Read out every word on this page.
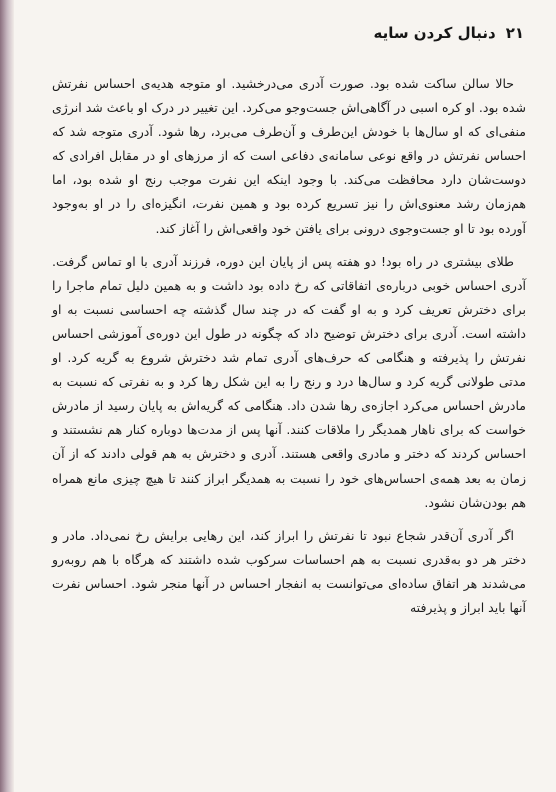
۲۱
دنبال کردن سایه

حالا سالن ساکت شده بود. صورت آدری می‌درخشید. او متوجه هدیه‌ی احساس نفرتش شده بود. او کره اسبی در آگاهی‌اش جست‌وجو می‌کرد. این تغییر در درک او باعث شد انرژی منفی‌ای که او سال‌ها با خودش این‌طرف و آن‌طرف می‌برد، رها شود. آدری متوجه شد که احساس نفرتش در واقع نوعی سامانه‌ی دفاعی است که از مرزهای او در مقابل افرادی که دوست‌شان دارد محافظت می‌کند. با وجود اینکه این نفرت موجب رنج او شده بود، اما هم‌زمان رشد معنوی‌اش را نیز تسریع کرده بود و همین نفرت، انگیزه‌ای را در او به‌وجود آورده بود تا او جست‌وجوی درونی برای یافتن خود واقعی‌اش را آغاز کند.

طلای بیشتری در راه بود! دو هفته پس از پایان این دوره، فرزند آدری با او تماس گرفت. آدری احساس خوبی درباره‌ی اتفاقاتی که رخ داده بود داشت و به همین دلیل تمام ماجرا را برای دخترش تعریف کرد و به او گفت که در چند سال گذشته چه احساسی نسبت به او داشته است. آدری برای دخترش توضیح داد که چگونه در طول این دوره‌ی آموزشی احساس نفرتش را پذیرفته و هنگامی که حرف‌های آدری تمام شد دخترش شروع به گریه کرد. او مدتی طولانی گریه کرد و سال‌ها درد و رنج را به این شکل رها کرد و به نفرتی که نسبت به مادرش احساس می‌کرد اجازه‌ی رها شدن داد. هنگامی که گریه‌اش به پایان رسید از مادرش خواست که برای ناهار همدیگر را ملاقات کنند. آنها پس از مدت‌ها دوباره کنار هم نشستند و احساس کردند که دختر و مادری واقعی هستند. آدری و دخترش به هم قولی دادند که از آن زمان به بعد همه‌ی احساس‌های خود را نسبت به همدیگر ابراز کنند تا هیچ چیزی مانع همراه هم بودن‌شان نشود.

اگر آدری آن‌قدر شجاع نبود تا نفرتش را ابراز کند، این رهایی برایش رخ نمی‌داد. مادر و دختر هر دو به‌قدری نسبت به هم احساسات سرکوب شده داشتند که هرگاه با هم روبه‌رو می‌شدند هر اتفاق ساده‌ای می‌توانست به انفجار احساس در آنها منجر شود. احساس نفرت آنها باید ابراز و پذیرفته
